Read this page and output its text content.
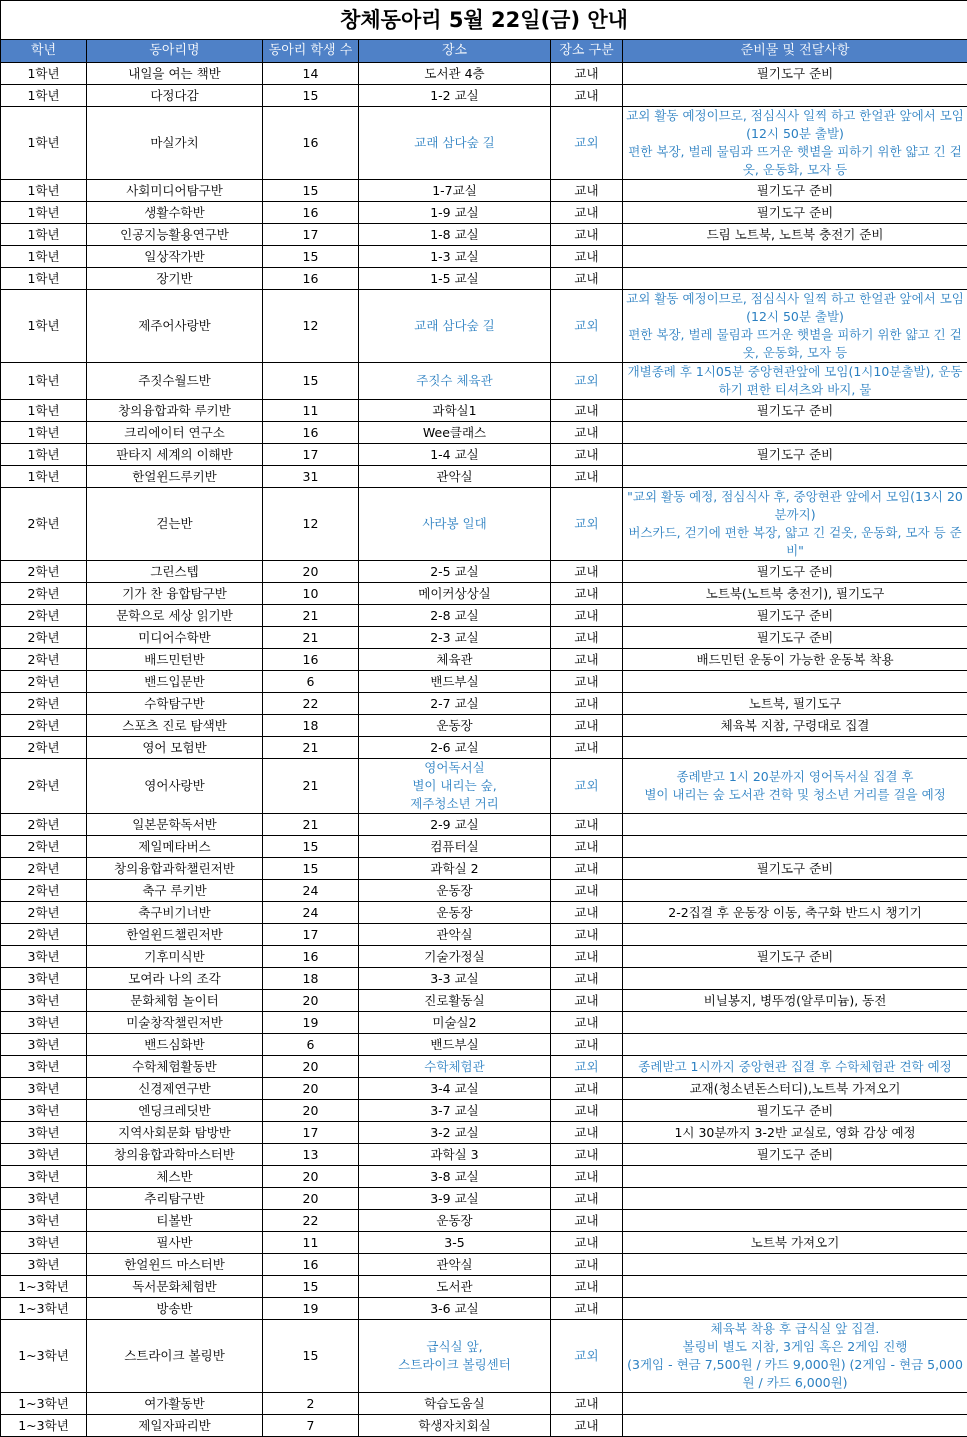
창체동아리 5월 22일(금) 안내					
학년	동아리명	동아리 학생 수	장소	장소 구분	준비물 및 전달사항
1학년	내일을 여는 책반	14	도서관 4층	교내	필기도구 준비
1학년	다정다감	15	1-2 교실	교내	
1학년	마실가치	16	교래 삼다숲 길	교외	교외 활동 예정이므로, 점심식사 일찍 하고 한얼관 앞에서 모임(12시 50분 출발)
편한 복장, 벌레 물림과 뜨거운 햇볕을 피하기 위한 얇고 긴 겉옷, 운동화, 모자 등
1학년	사회미디어탐구반	15	1-7교실	교내	필기도구 준비
1학년	생활수학반	16	1-9 교실	교내	필기도구 준비
1학년	인공지능활용연구반	17	1-8 교실	교내	드림 노트북, 노트북 충전기 준비
1학년	일상작가반	15	1-3 교실	교내	
1학년	장기반	16	1-5 교실	교내	
1학년	제주어사랑반	12	교래 삼다숲 길	교외	교외 활동 예정이므로, 점심식사 일찍 하고 한얼관 앞에서 모임(12시 50분 출발)
편한 복장, 벌레 물림과 뜨거운 햇볕을 피하기 위한 얇고 긴 겉옷, 운동화, 모자 등
1학년	주짓수월드반	15	주짓수 체육관	교외	개별종례 후 1시05분 중앙현관앞에 모임(1시10분출발), 운동하기 편한 티셔츠와 바지, 물
1학년	창의융합과학 루키반	11	과학실1	교내	필기도구 준비
1학년	크리에이터 연구소	16	Wee클래스	교내	
1학년	판타지 세계의 이해반	17	1-4 교실	교내	필기도구 준비
1학년	한얼윈드루키반	31	관악실	교내	
2학년	걷는반	12	사라봉 일대	교외	"교외 활동 예정, 점심식사 후, 중앙현관 앞에서 모임(13시 20분까지)
버스카드, 걷기에 편한 복장, 얇고 긴 겉옷, 운동화, 모자 등 준비"
2학년	그린스텝	20	2-5 교실	교내	필기도구 준비
2학년	기가 찬 융합탐구반	10	메이커상상실	교내	노트북(노트북 충전기), 필기도구
2학년	문학으로 세상 읽기반	21	2-8 교실	교내	필기도구 준비
2학년	미디어수학반	21	2-3 교실	교내	필기도구 준비
2학년	배드민턴반	16	체육관	교내	배드민턴 운동이 가능한 운동복 착용
2학년	밴드입문반	6	밴드부실	교내	
2학년	수학탐구반	22	2-7 교실	교내	노트북, 필기도구
2학년	스포츠 진로 탐색반	18	운동장	교내	체육복 지참, 구령대로 집결
2학년	영어 모험반	21	2-6 교실	교내	
2학년	영어사랑반	21	영어독서실
별이 내리는 숲,
제주청소년 거리	교외	종례받고 1시 20분까지 영어독서실 집결 후
별이 내리는 숲 도서관 견학 및 청소년 거리를 걸을 예정
2학년	일본문학독서반	21	2-9 교실	교내	
2학년	제일메타버스	15	컴퓨터실	교내	
2학년	창의융합과학챌린저반	15	과학실 2	교내	필기도구 준비
2학년	축구 루키반	24	운동장	교내	
2학년	축구비기너반	24	운동장	교내	2-2집결 후 운동장 이동, 축구화 반드시 챙기기
2학년	한얼윈드챌린저반	17	관악실	교내	
3학년	기후미식반	16	기술가정실	교내	필기도구 준비
3학년	모여라 나의 조각	18	3-3 교실	교내	
3학년	문화체험 놀이터	20	진로활동실	교내	비닐봉지, 병뚜껑(알루미늄), 동전
3학년	미술창작챌린저반	19	미술실2	교내	
3학년	밴드심화반	6	밴드부실	교내	
3학년	수학체험활동반	20	수학체험관	교외	종례받고 1시까지 중앙현관 집결 후 수학체험관 견학 예정
3학년	신경제연구반	20	3-4 교실	교내	교재(청소년돈스터디),노트북 가져오기
3학년	엔딩크레딧반	20	3-7 교실	교내	필기도구 준비
3학년	지역사회문화 탐방반	17	3-2 교실	교내	1시 30분까지 3-2반 교실로, 영화 감상 예정
3학년	창의융합과학마스터반	13	과학실 3	교내	필기도구 준비
3학년	체스반	20	3-8 교실	교내	
3학년	추리탐구반	20	3-9 교실	교내	
3학년	티볼반	22	운동장	교내	
3학년	필사반	11	3-5	교내	노트북 가져오기
3학년	한얼윈드 마스터반	16	관악실	교내	
1~3학년	독서문화체험반	15	도서관	교내	
1~3학년	방송반	19	3-6 교실	교내	
1~3학년	스트라이크 볼링반	15	급식실 앞,
스트라이크 볼링센터	교외	체육복 착용 후 급식실 앞 집결.
볼링비 별도 지참, 3게임 혹은 2게임 진행
(3게임 - 현금 7,500원 / 카드 9,000원) (2게임 - 현금 5,000원 / 카드 6,000원)
1~3학년	여가활동반	2	학습도움실	교내	
1~3학년	제일자파리반	7	학생자치회실	교내	
